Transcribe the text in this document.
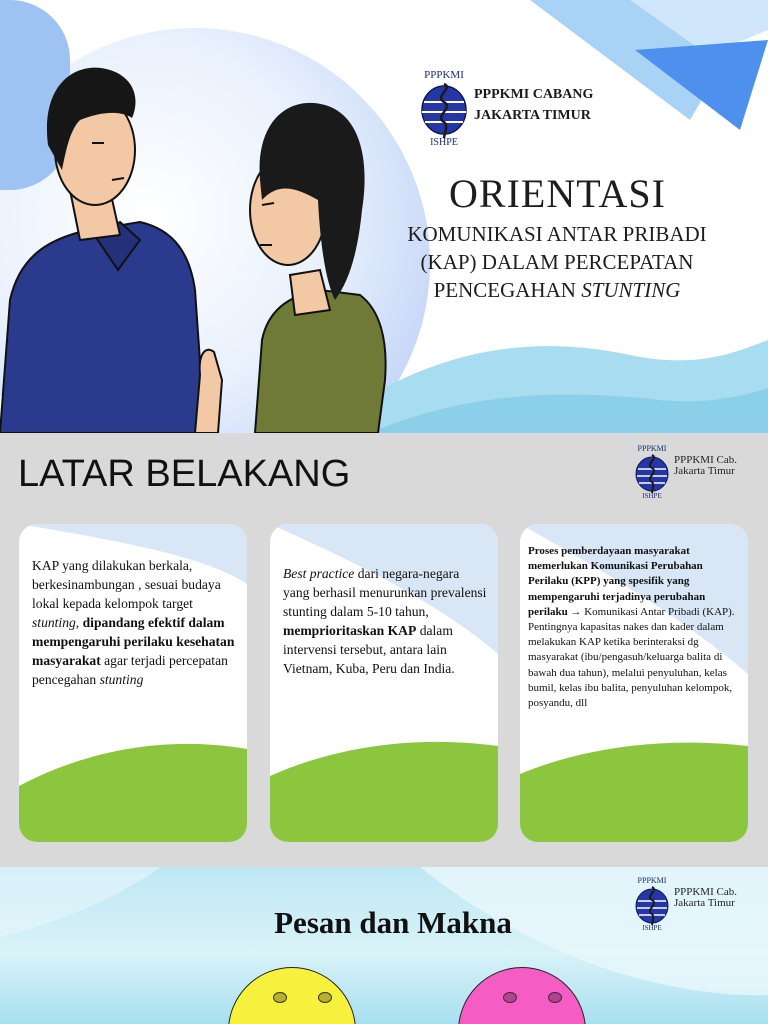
PPPKMI
ISHPE
PPPKMI CABANG
JAKARTA TIMUR
ORIENTASI
KOMUNIKASI ANTAR PRIBADI
(KAP) DALAM PERCEPATAN
PENCEGAHAN STUNTING
LATAR BELAKANG
PPPKMI
ISHPE
PPPKMI Cab.
Jakarta Timur
KAP yang dilakukan berkala, berkesinambungan , sesuai budaya lokal kepada kelompok target stunting, dipandang efektif dalam mempengaruhi perilaku kesehatan masyarakat agar terjadi percepatan pencegahan stunting
Best practice dari negara-negara yang berhasil menurunkan prevalensi stunting dalam 5-10 tahun, memprioritaskan KAP dalam intervensi tersebut, antara lain Vietnam, Kuba, Peru dan India.
Proses pemberdayaan masyarakat memerlukan Komunikasi Perubahan Perilaku (KPP) yang spesifik yang mempengaruhi terjadinya perubahan perilaku → Komunikasi Antar Pribadi (KAP). Pentingnya kapasitas nakes dan kader dalam melakukan KAP ketika berinteraksi dg masyarakat (ibu/pengasuh/keluarga balita di bawah dua tahun), melalui penyuluhan, kelas bumil, kelas ibu balita, penyuluhan kelompok, posyandu, dll
PPPKMI
ISHPE
PPPKMI Cab.
Jakarta Timur
Pesan dan Makna
